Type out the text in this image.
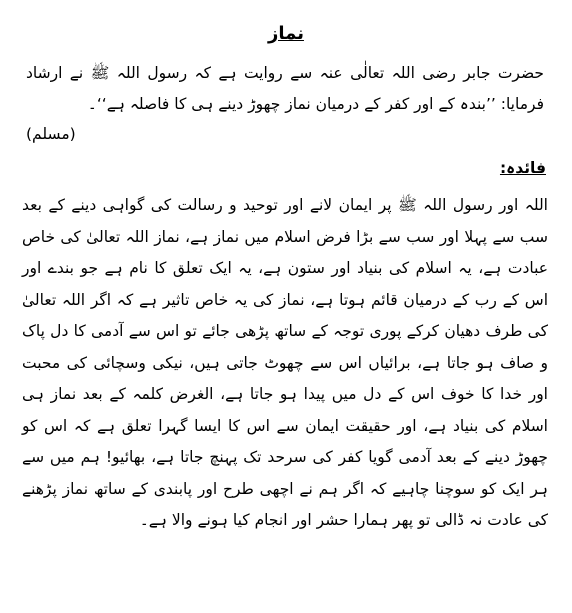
نماز
حضرت جابر رضی اللہ تعالٰی عنہ سے روایت ہے کہ رسول اللہ ﷺ نے ارشاد فرمایا: ’’بندہ کے اور کفر کے درمیان نماز چھوڑ دینے ہی کا فاصلہ ہے‘‘۔
(مسلم)
فائدہ:
اللہ اور رسول اللہ ﷺ پر ایمان لانے اور توحید و رسالت کی گواہی دینے کے بعد سب سے پہلا اور سب سے بڑا فرض اسلام میں نماز ہے، نماز اللہ تعالیٰ کی خاص عبادت ہے، یہ اسلام کی بنیاد اور ستون ہے، یہ ایک تعلق کا نام ہے جو بندے اور اس کے رب کے درمیان قائم ہوتا ہے، نماز کی یہ خاص تاثیر ہے کہ اگر اللہ تعالیٰ کی طرف دھیان کرکے پوری توجہ کے ساتھ پڑھی جائے تو اس سے آدمی کا دل پاک و صاف ہو جاتا ہے، برائیاں اس سے چھوٹ جاتی ہیں، نیکی وسچائی کی محبت اور خدا کا خوف اس کے دل میں پیدا ہو جاتا ہے، الغرض کلمہ کے بعد نماز ہی اسلام کی بنیاد ہے، اور حقیقت ایمان سے اس کا ایسا گہرا تعلق ہے کہ اس کو چھوڑ دینے کے بعد آدمی گویا کفر کی سرحد تک پہنچ جاتا ہے، بھائیو! ہم میں سے ہر ایک کو سوچنا چاہیے کہ اگر ہم نے اچھی طرح اور پابندی کے ساتھ نماز پڑھنے کی عادت نہ ڈالی تو پھر ہمارا حشر اور انجام کیا ہونے والا ہے۔
